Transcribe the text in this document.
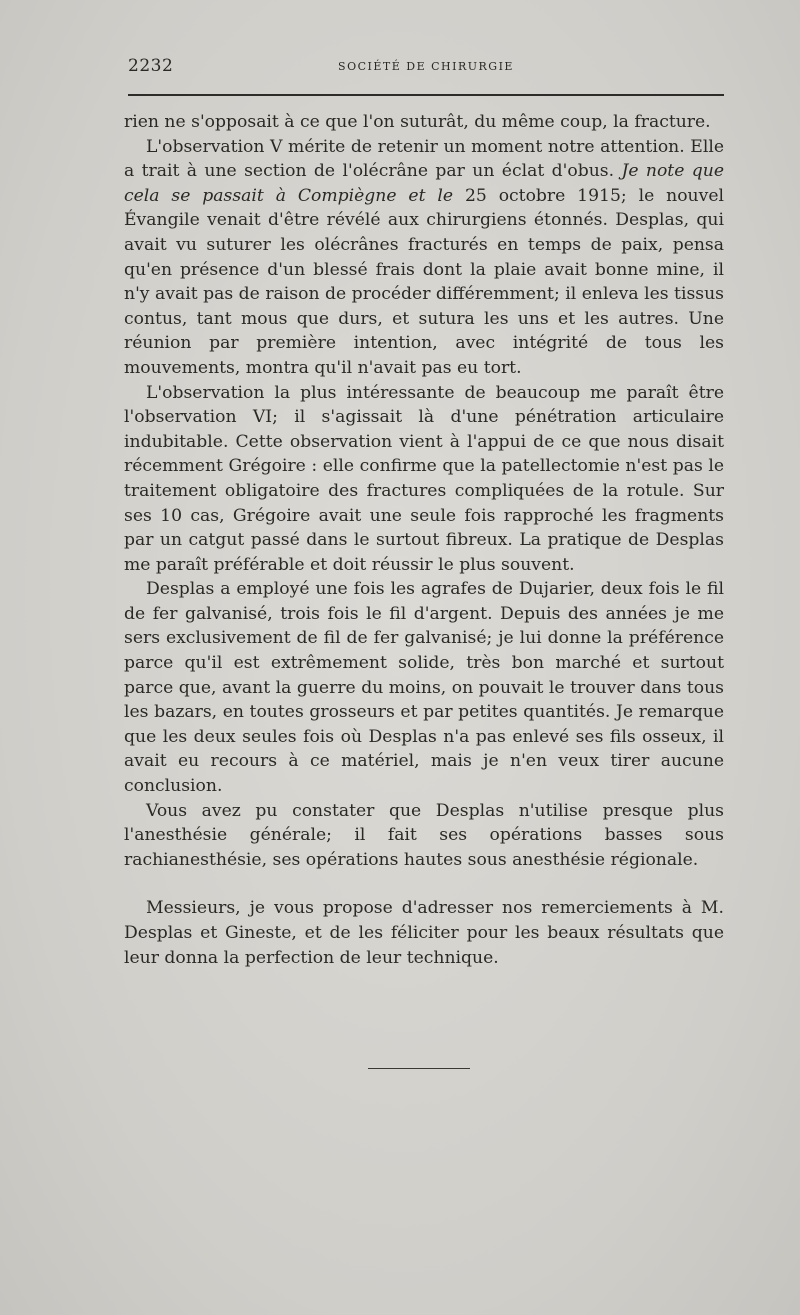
2232	SOCIÉTÉ DE CHIRURGIE

rien ne s'opposait à ce que l'on suturât, du même coup, la fracture.

L'observation V mérite de retenir un moment notre attention. Elle a trait à une section de l'olécrâne par un éclat d'obus. Je note que cela se passait à Compiègne et le 25 octobre 1915; le nouvel Évangile venait d'être révélé aux chirurgiens étonnés. Desplas, qui avait vu suturer les olécrânes fracturés en temps de paix, pensa qu'en présence d'un blessé frais dont la plaie avait bonne mine, il n'y avait pas de raison de procéder différemment; il enleva les tissus contus, tant mous que durs, et sutura les uns et les autres. Une réunion par première intention, avec intégrité de tous les mouvements, montra qu'il n'avait pas eu tort.

L'observation la plus intéressante de beaucoup me paraît être l'observation VI; il s'agissait là d'une pénétration articulaire indubitable. Cette observation vient à l'appui de ce que nous disait récemment Grégoire : elle confirme que la patellectomie n'est pas le traitement obligatoire des fractures compliquées de la rotule. Sur ses 10 cas, Grégoire avait une seule fois rapproché les fragments par un catgut passé dans le surtout fibreux. La pratique de Desplas me paraît préférable et doit réussir le plus souvent.

Desplas a employé une fois les agrafes de Dujarier, deux fois le fil de fer galvanisé, trois fois le fil d'argent. Depuis des années je me sers exclusivement de fil de fer galvanisé; je lui donne la préférence parce qu'il est extrêmement solide, très bon marché et surtout parce que, avant la guerre du moins, on pouvait le trouver dans tous les bazars, en toutes grosseurs et par petites quantités. Je remarque que les deux seules fois où Desplas n'a pas enlevé ses fils osseux, il avait eu recours à ce matériel, mais je n'en veux tirer aucune conclusion.

Vous avez pu constater que Desplas n'utilise presque plus l'anesthésie générale; il fait ses opérations basses sous rachianesthésie, ses opérations hautes sous anesthésie régionale.

Messieurs, je vous propose d'adresser nos remerciements à M. Desplas et Gineste, et de les féliciter pour les beaux résultats que leur donna la perfection de leur technique.
